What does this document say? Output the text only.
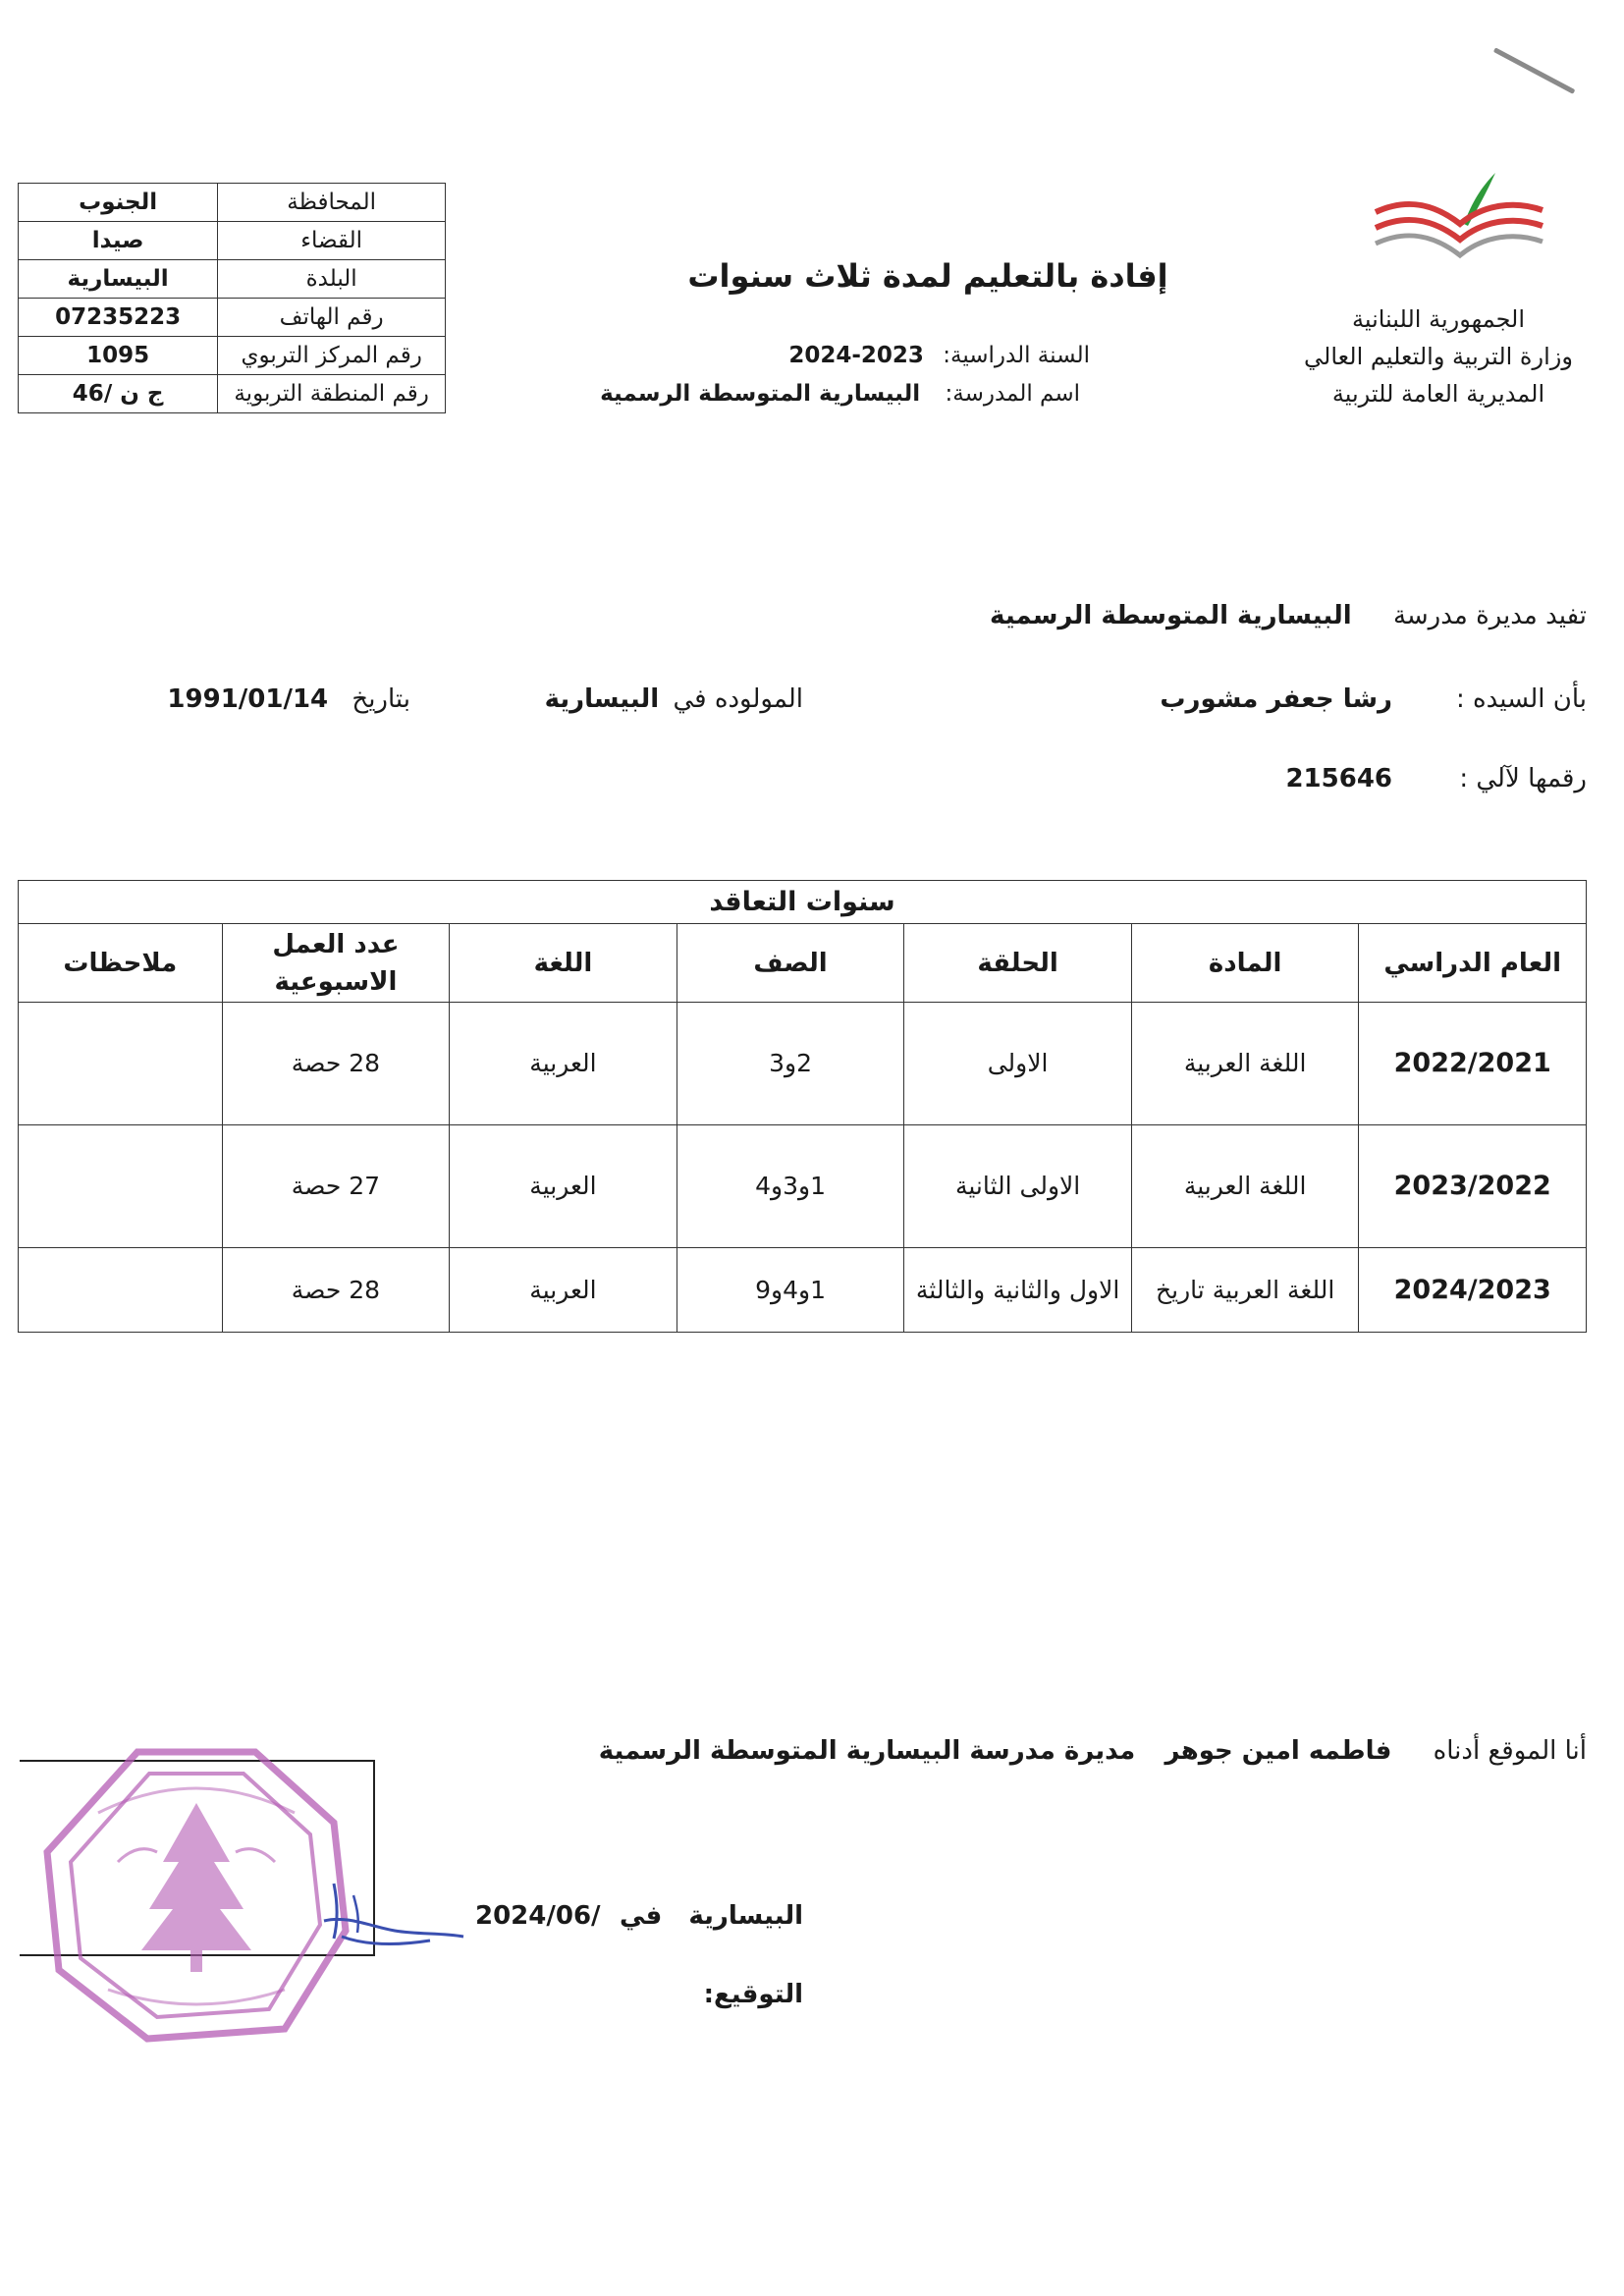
المحافظة	الجنوب
القضاء	صيدا
البلدة	البيسارية
رقم الهاتف	07235223
رقم المركز التربوي	1095
رقم المنطقة التربوية	ج ن /46
إفادة بالتعليم لمدة ثلاث سنوات
السنة الدراسية: 2023-2024
اسم المدرسة: البيسارية المتوسطة الرسمية
الجمهورية اللبنانية
وزارة التربية والتعليم العالي
المديرية العامة للتربية
تفيد مديرة مدرسة البيسارية المتوسطة الرسمية
بأن السيده :
رشا جعفر مشورب
المولوده في البيسارية
بتاريخ 1991/01/14
رقمها لآلي :
215646
سنوات التعاقد						
العام الدراسي	المادة	الحلقة	الصف	اللغة	عدد العمل الاسبوعية	ملاحظات
2022/2021	اللغة العربية	الاولى	2و3	العربية	28 حصة	
2023/2022	اللغة العربية	الاولى الثانية	1و3و4	العربية	27 حصة	
2024/2023	اللغة العربية تاريخ	الاول والثانية والثالثة	1و4و9	العربية	28 حصة	
أنا الموقع أدناه فاطمه امين جوهر مديرة مدرسة البيسارية المتوسطة الرسمية
البيسارية في
2024/06/
التوقيع:
